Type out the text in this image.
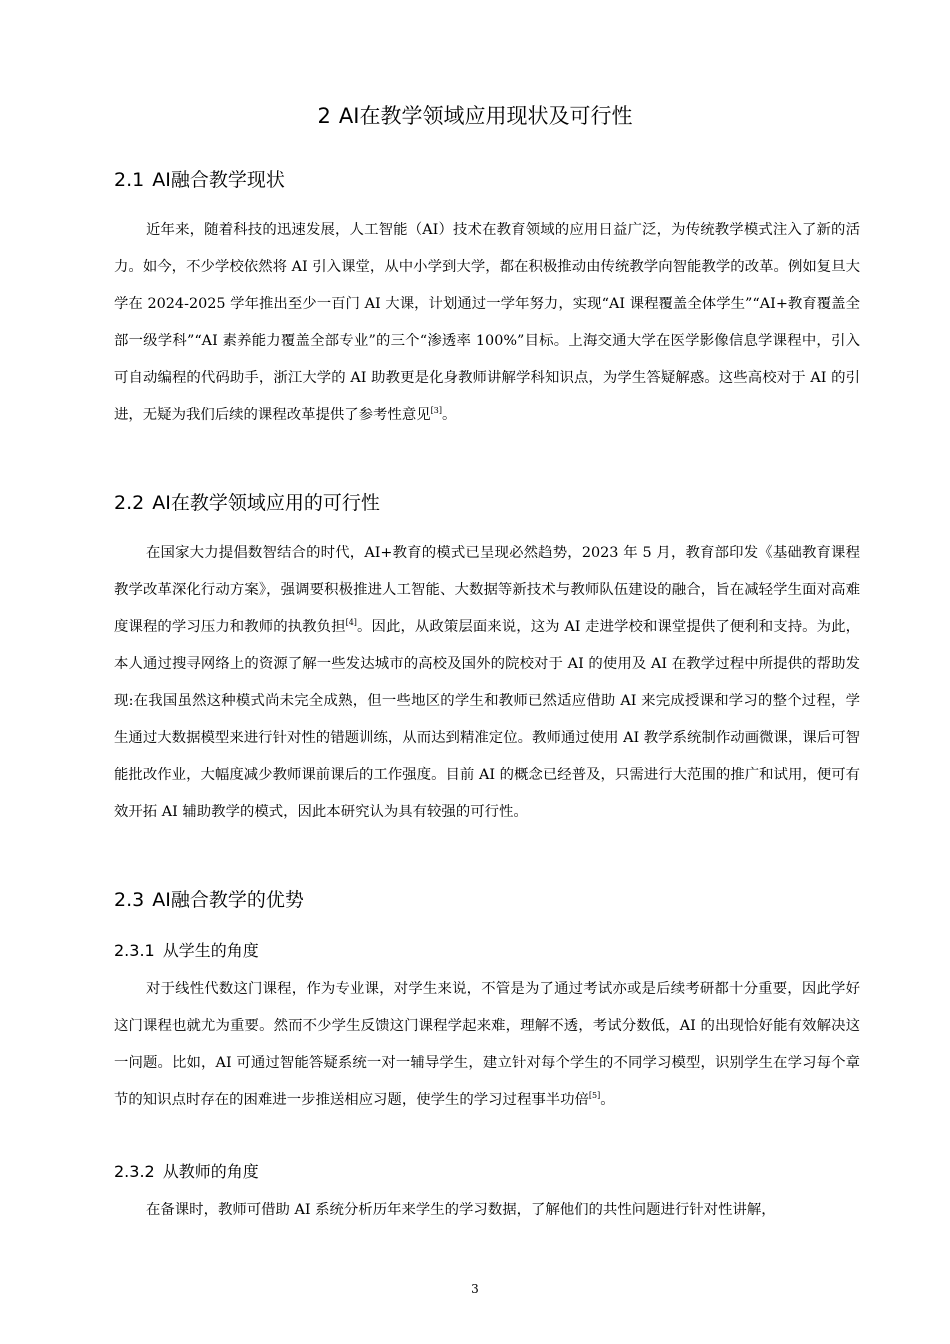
2 AI在教学领域应用现状及可行性
2.1 AI融合教学现状

近年来，随着科技的迅速发展，人工智能（AI）技术在教育领域的应用日益广泛，为传统教学模式注入了新的活力。如今，不少学校依然将 AI 引入课堂，从中小学到大学，都在积极推动由传统教学向智能教学的改革。例如复旦大学在 2024-2025 学年推出至少一百门 AI 大课，计划通过一学年努力，实现“AI 课程覆盖全体学生”“AI+教育覆盖全部一级学科”“AI 素养能力覆盖全部专业”的三个“渗透率 100%”目标。上海交通大学在医学影像信息学课程中，引入可自动编程的代码助手，浙江大学的 AI 助教更是化身教师讲解学科知识点，为学生答疑解惑。这些高校对于 AI 的引进，无疑为我们后续的课程改革提供了参考性意见[3]。

2.2 AI在教学领域应用的可行性

在国家大力提倡数智结合的时代，AI+教育的模式已呈现必然趋势，2023 年 5 月，教育部印发《基础教育课程教学改革深化行动方案》，强调要积极推进人工智能、大数据等新技术与教师队伍建设的融合，旨在减轻学生面对高难度课程的学习压力和教师的执教负担[4]。因此，从政策层面来说，这为 AI 走进学校和课堂提供了便利和支持。为此，本人通过搜寻网络上的资源了解一些发达城市的高校及国外的院校对于 AI 的使用及 AI 在教学过程中所提供的帮助发现:在我国虽然这种模式尚未完全成熟，但一些地区的学生和教师已然适应借助 AI 来完成授课和学习的整个过程，学生通过大数据模型来进行针对性的错题训练，从而达到精准定位。教师通过使用 AI 教学系统制作动画微课，课后可智能批改作业，大幅度减少教师课前课后的工作强度。目前 AI 的概念已经普及，只需进行大范围的推广和试用，便可有效开拓 AI 辅助教学的模式，因此本研究认为具有较强的可行性。

2.3 AI融合教学的优势
2.3.1 从学生的角度

对于线性代数这门课程，作为专业课，对学生来说，不管是为了通过考试亦或是后续考研都十分重要，因此学好这门课程也就尤为重要。然而不少学生反馈这门课程学起来难，理解不透，考试分数低，AI 的出现恰好能有效解决这一问题。比如，AI 可通过智能答疑系统一对一辅导学生，建立针对每个学生的不同学习模型，识别学生在学习每个章节的知识点时存在的困难进一步推送相应习题，使学生的学习过程事半功倍[5]。

2.3.2 从教师的角度

在备课时，教师可借助 AI 系统分析历年来学生的学习数据，了解他们的共性问题进行针对性讲解，

3
